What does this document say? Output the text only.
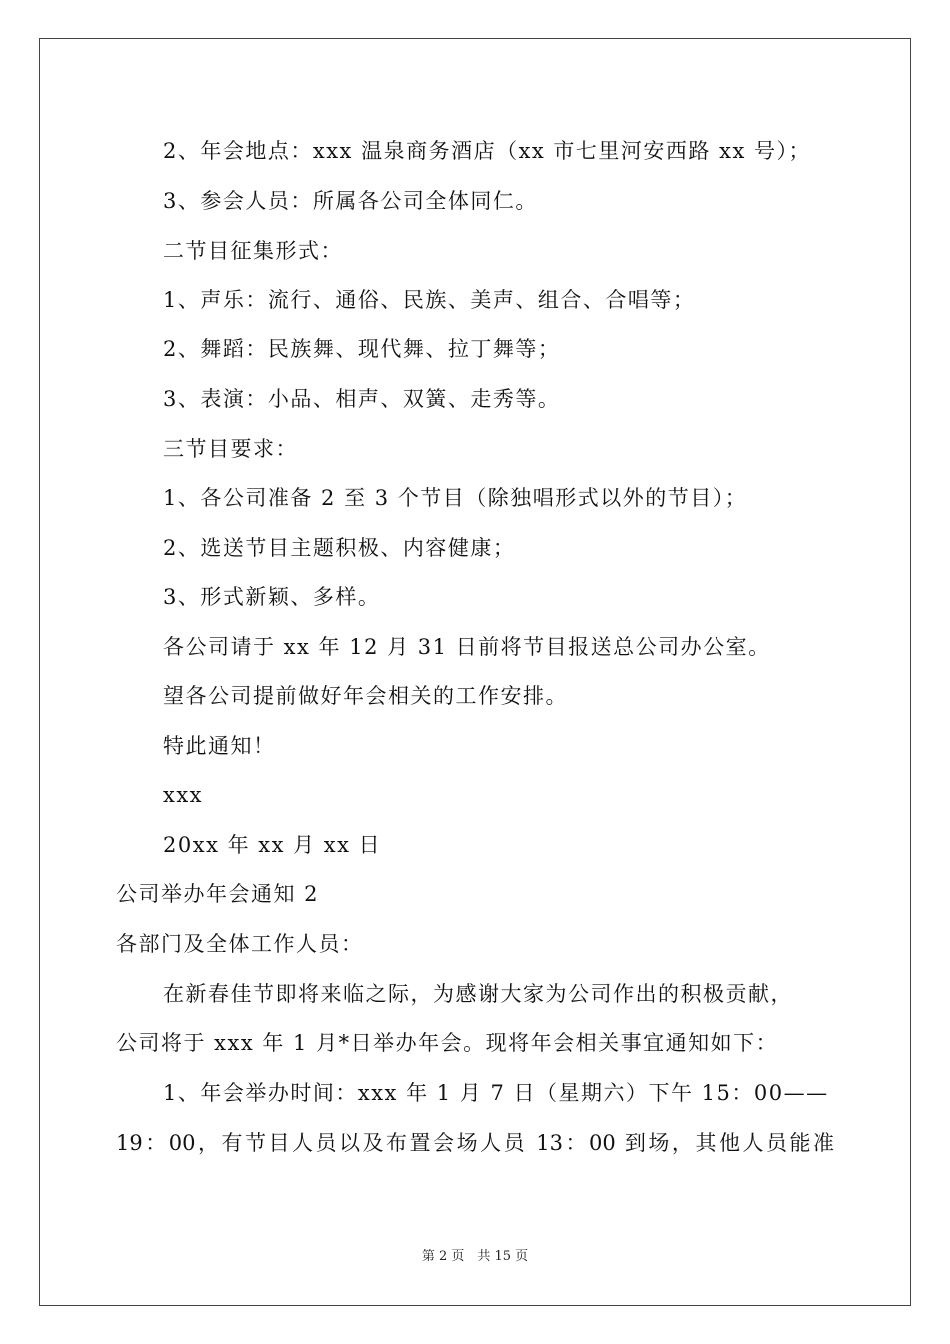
2、年会地点：xxx 温泉商务酒店（xx 市七里河安西路 xx 号）；
3、参会人员：所属各公司全体同仁。
二节目征集形式：
1、声乐：流行、通俗、民族、美声、组合、合唱等；
2、舞蹈：民族舞、现代舞、拉丁舞等；
3、表演：小品、相声、双簧、走秀等。
三节目要求：
1、各公司准备 2 至 3 个节目（除独唱形式以外的节目）；
2、选送节目主题积极、内容健康；
3、形式新颖、多样。
各公司请于 xx 年 12 月 31 日前将节目报送总公司办公室。
望各公司提前做好年会相关的工作安排。
特此通知！
xxx
20xx 年 xx 月 xx 日
公司举办年会通知 2
各部门及全体工作人员：
在新春佳节即将来临之际，为感谢大家为公司作出的积极贡献，
公司将于 xxx 年 1 月*日举办年会。现将年会相关事宜通知如下：
1、年会举办时间：xxx 年 1 月 7 日（星期六）下午 15：00——
19：00，有节目人员以及布置会场人员 13：00 到场，其他人员能准
第 2 页　共 15 页
